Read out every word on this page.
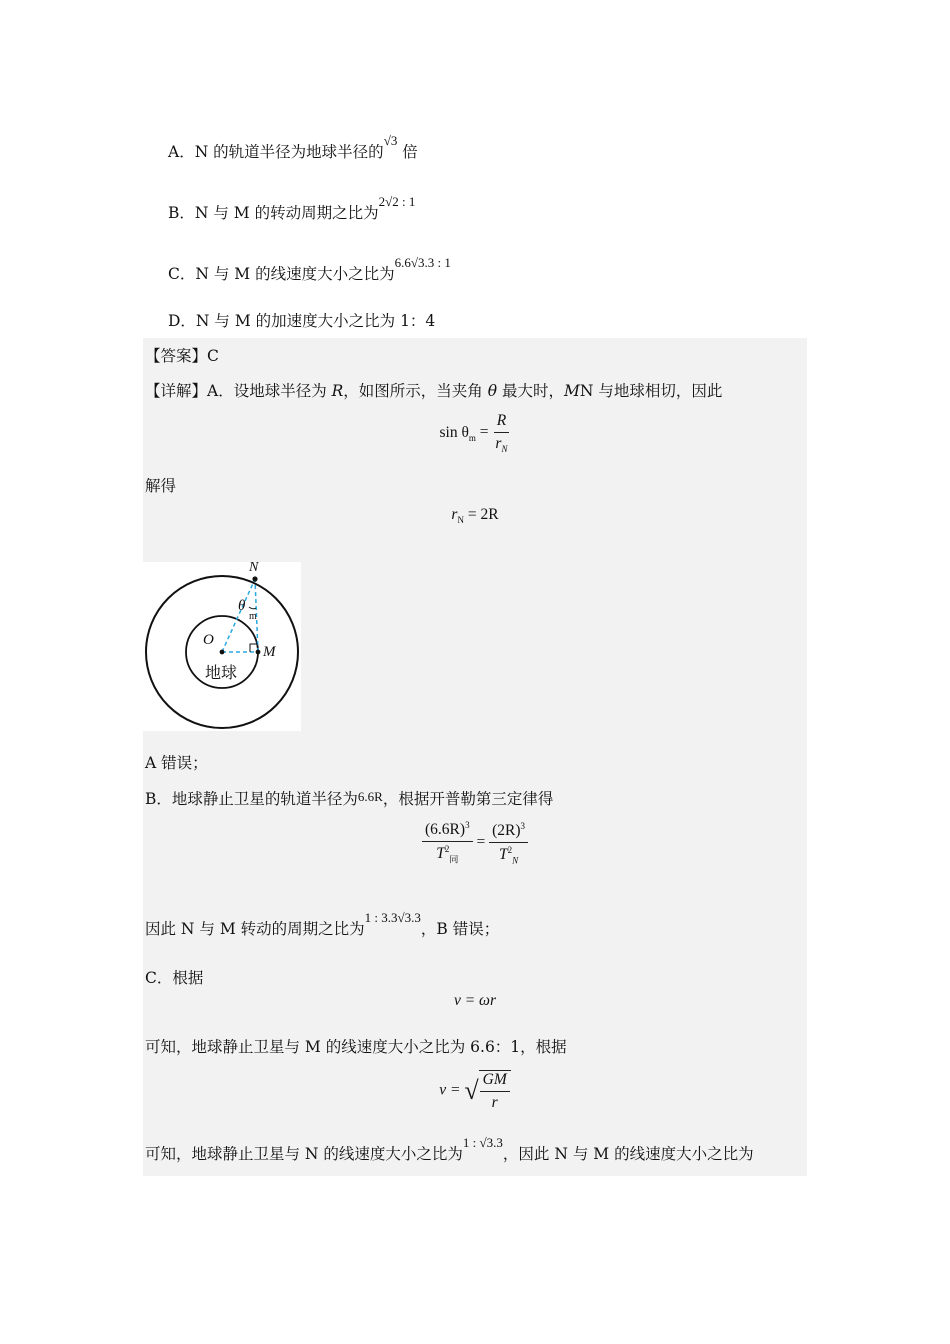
A．N 的轨道半径为地球半径的$^{√3}$ 倍
B．N 与 M 的转动周期之比为$^{2√2 : 1}$
C．N 与 M 的线速度大小之比为$^{6.6√3.3 : 1}$
D．N 与 M 的加速度大小之比为 1：4
【答案】C
【详解】A．设地球半径为 R，如图所示，当夹角 θ 最大时，MN 与地球相切，因此
$\sin \theta_m = \frac{R}{r_N}$
解得
$r_N = 2R$
N
O
M
θ
m
地球
A 错误；
B．地球静止卫星的轨道半径为6.6R，根据开普勒第三定律得
$\frac{(6.6R)^3}{T^2_同} = \frac{(2R)^3}{T^2_N}$
因此 N 与 M 转动的周期之比为$^{1 : 3.3√3.3}$，B 错误；
C．根据
v = ωr
可知，地球静止卫星与 M 的线速度大小之比为 6.6：1，根据
v = √ $\frac{GM}{r}$
可知，地球静止卫星与 N 的线速度大小之比为$^{1 : √3.3}$，因此 N 与 M 的线速度大小之比为
